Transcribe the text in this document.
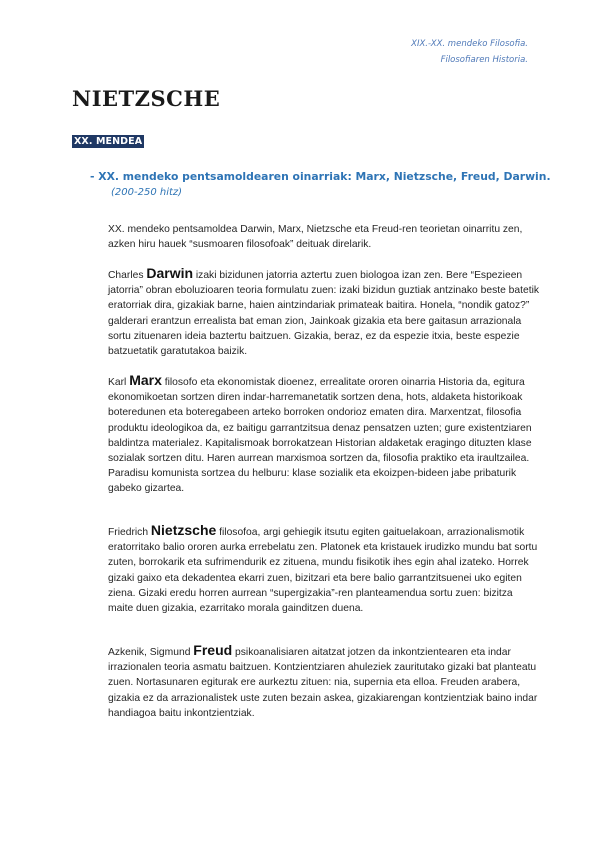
XIX.-XX. mendeko Filosofia.
Filosofiaren Historia.
NIETZSCHE
XX. MENDEA
- XX. mendeko pentsamoldearen oinarriak: Marx, Nietzsche, Freud, Darwin.
(200-250 hitz)
XX. mendeko pentsamoldea Darwin, Marx, Nietzsche eta Freud-ren teorietan oinarritu zen, azken hiru hauek “susmoaren filosofoak” deituak direlarik.
Charles Darwin izaki bizidunen jatorria aztertu zuen biologoa izan zen. Bere “Espezieen jatorria” obran eboluzioaren teoria formulatu zuen: izaki bizidun guztiak antzinako beste batetik eratorriak dira, gizakiak barne, haien aintzindariak primateak baitira. Honela, “nondik gatoz?” galderari erantzun errealista bat eman zion, Jainkoak gizakia eta bere gaitasun arrazionala sortu zituenaren ideia baztertu baitzuen. Gizakia, beraz, ez da espezie itxia, beste espezie batzuetatik garatutakoa baizik.
Karl Marx filosofo eta ekonomistak dioenez, errealitate ororen oinarria Historia da, egitura ekonomikoetan sortzen diren indar-harremanetatik sortzen dena, hots, aldaketa historikoak boteredunen eta boteregabeen arteko borroken ondorioz ematen dira. Marxentzat, filosofia produktu ideologikoa da, ez baitigu garrantzitsua denaz pensatzen uzten; gure existentziaren baldintza materialez. Kapitalismoak borrokatzean Historian aldaketak eragingo dituzten klase sozialak sortzen ditu. Haren aurrean marxismoa sortzen da, filosofia praktiko eta iraultzailea. Paradisu komunista sortzea du helburu: klase sozialik eta ekoizpen-bideen jabe pribaturik gabeko gizartea.
Friedrich Nietzsche filosofoa, argi gehiegik itsutu egiten gaituelakoan, arrazionalismotik eratorritako balio ororen aurka errebelatu zen. Platonek eta kristauek irudizko mundu bat sortu zuten, borrokarik eta sufrimendurik ez zituena, mundu fisikotik ihes egin ahal izateko. Horrek gizaki gaixo eta dekadentea ekarri zuen, bizitzari eta bere balio garrantzitsuenei uko egiten ziena. Gizaki eredu horren aurrean “supergizakia”-ren planteamendua sortu zuen: bizitza maite duen gizakia, ezarritako morala gainditzen duena.
Azkenik, Sigmund Freud psikoanalisiaren aitatzat jotzen da inkontzientearen eta indar irrazionalen teoria asmatu baitzuen. Kontzientziaren ahuleziek zauritutako gizaki bat planteatu zuen. Nortasunaren egiturak ere aurkeztu zituen: nia, supernia eta elloa. Freuden arabera, gizakia ez da arrazionalistek uste zuten bezain askea, gizakiarengan kontzientziak baino indar handiagoa baitu inkontzientziak.
